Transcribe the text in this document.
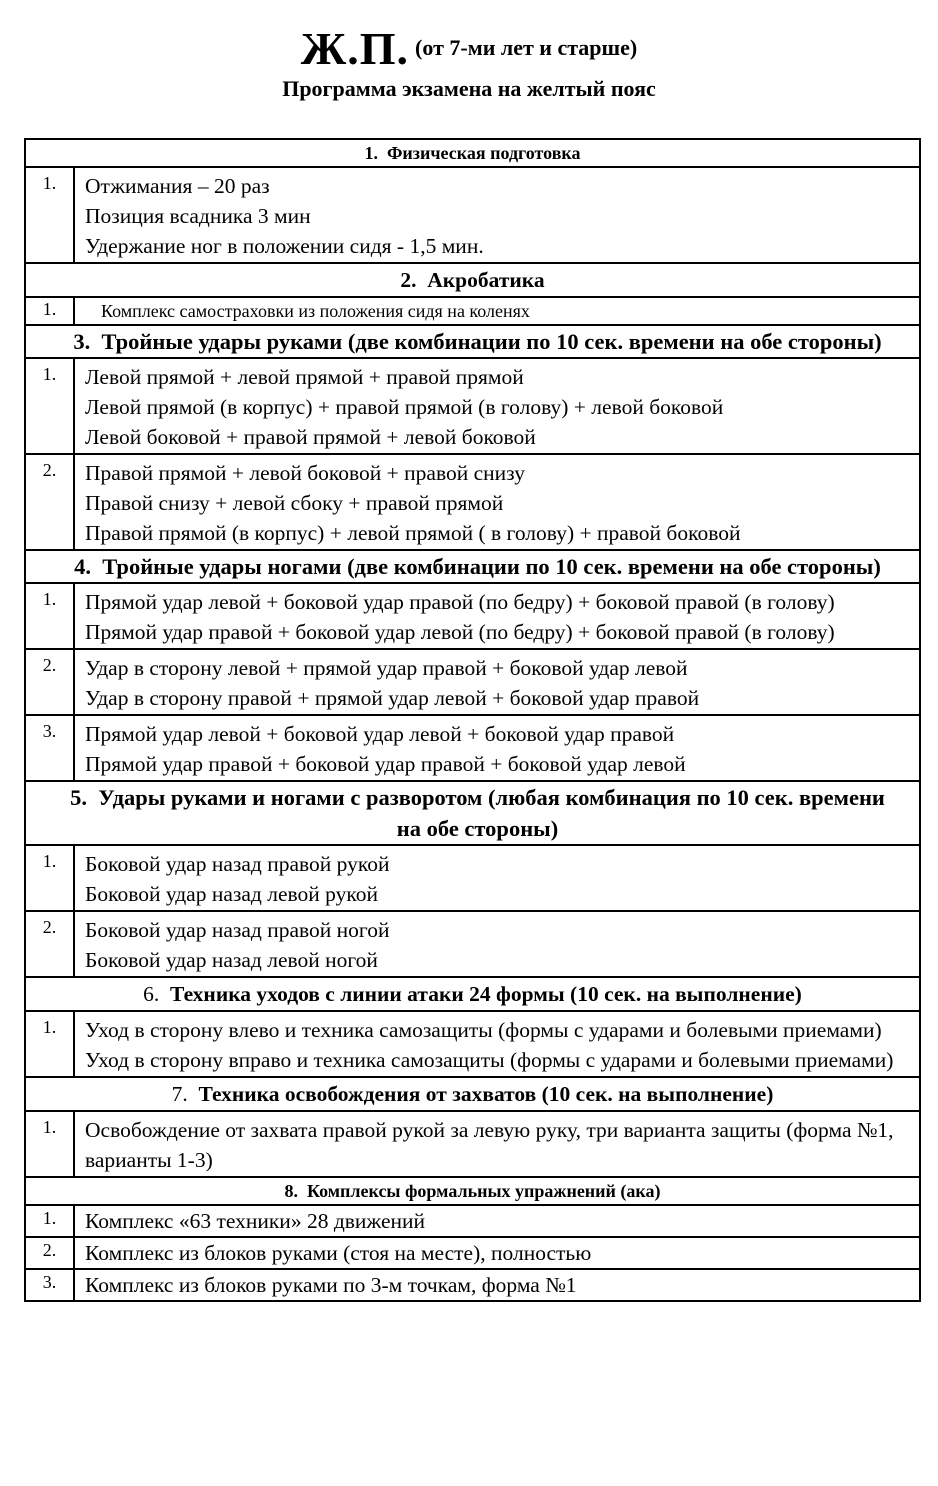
Ж.П. (от 7-ми лет и старше)
Программа экзамена на желтый пояс
1. Физическая подготовка	
1.	Отжимания – 20 раз
Позиция всадника 3 мин
Удержание ног в положении сидя - 1,5 мин.

2. Акробатика	
1.	Комплекс самостраховки из положения сидя на коленях

3. Тройные удары руками (две комбинации по 10 сек. времени на обе стороны)	
1.	Левой прямой + левой прямой + правой прямой
Левой прямой (в корпус) + правой прямой (в голову) + левой боковой
Левой боковой + правой прямой + левой боковой

2.	Правой прямой + левой боковой + правой снизу
Правой снизу + левой сбоку + правой прямой
Правой прямой (в корпус) + левой прямой ( в голову) + правой боковой

4. Тройные удары ногами (две комбинации по 10 сек. времени на обе стороны)	
1.	Прямой удар левой + боковой удар правой (по бедру) + боковой правой (в голову)
Прямой удар правой + боковой удар левой (по бедру) + боковой правой (в голову)

2.	Удар в сторону левой + прямой удар правой + боковой удар левой
Удар в сторону правой + прямой удар левой + боковой удар правой

3.	Прямой удар левой + боковой удар левой + боковой удар правой
Прямой удар правой + боковой удар правой + боковой удар левой

5. Удары руками и ногами с разворотом (любая комбинация по 10 сек. времени на обе стороны)	
1.	Боковой удар назад правой рукой
Боковой удар назад левой рукой

2.	Боковой удар назад правой ногой
Боковой удар назад левой ногой

6. Техника уходов с линии атаки 24 формы (10 сек. на выполнение)	
1.	Уход в сторону влево и техника самозащиты (формы с ударами и болевыми приемами)
Уход в сторону вправо и техника самозащиты (формы с ударами и болевыми приемами)

7. Техника освобождения от захватов (10 сек. на выполнение)	
1.	Освобождение от захвата правой рукой за левую руку, три варианта защиты (форма №1, варианты 1-3)

8. Комплексы формальных упражнений (ака)	
1.	Комплекс «63 техники» 28 движений

2.	Комплекс из блоков руками (стоя на месте), полностью

3.	Комплекс из блоков руками по 3-м точкам, форма №1
